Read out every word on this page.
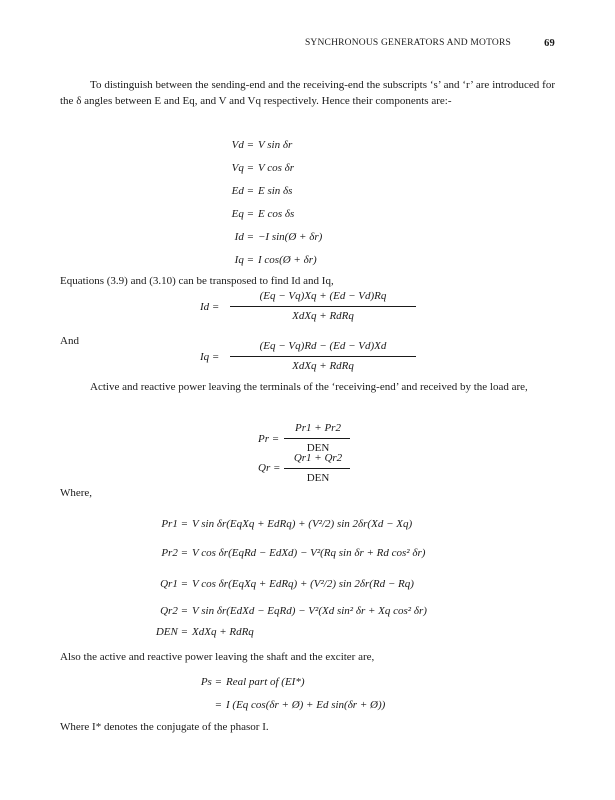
SYNCHRONOUS GENERATORS AND MOTORS	69

To distinguish between the sending-end and the receiving-end the subscripts ‘s’ and ‘r’ are introduced for the δ angles between E and Eq, and V and Vq respectively. Hence their components are:-

Vd = V sin δr
Vq = V cos δr
Ed = E sin δs
Eq = E cos δs
Id = −I sin(Ø + δr)
Iq = I cos(Ø + δr)

Equations (3.9) and (3.10) can be transposed to find Id and Iq,

Id =
(Eq − Vq)Xq + (Ed − Vd)Rq
XdXq + RdRq

And

Iq =
(Eq − Vq)Rd − (Ed − Vd)Xd
XdXq + RdRq

Active and reactive power leaving the terminals of the ‘receiving-end’ and received by the load are,

Pr =
Pr1 + Pr2
DEN
Qr =
Qr1 + Qr2
DEN

Where,

Pr1 = V sin δr(EqXq + EdRq) + (V²/2) sin 2δr(Xd − Xq)
Pr2 = V cos δr(EqRd − EdXd) − V²(Rq sin δr + Rd cos² δr)
Qr1 = V cos δr(EqXq + EdRq) + (V²/2) sin 2δr(Rd − Rq)
Qr2 = V sin δr(EdXd − EqRd) − V²(Xd sin² δr + Xq cos² δr)
DEN = XdXq + RdRq

Also the active and reactive power leaving the shaft and the exciter are,

Ps = Real part of (EI*)
= I (Eq cos(δr + Ø) + Ed sin(δr + Ø))

Where I* denotes the conjugate of the phasor I.
